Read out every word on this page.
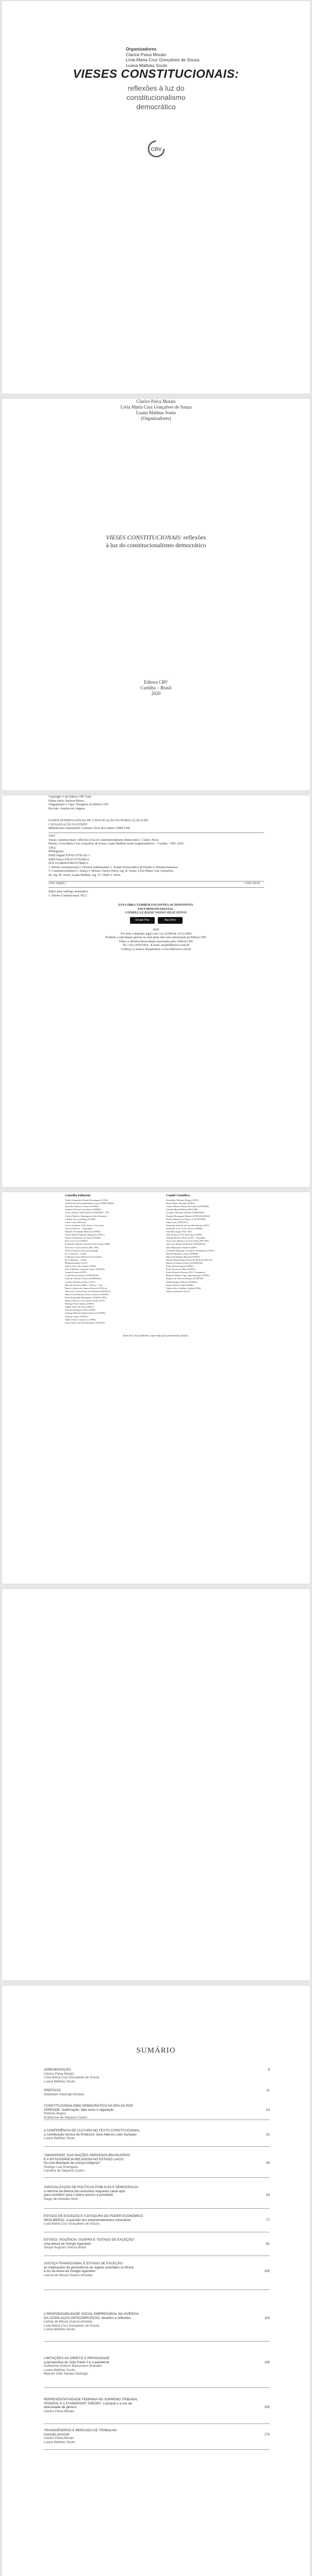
Organizadores
Clarice Paiva Morais
Lívia Maria Cruz Gonçalves de Souza
Luana Mathias Souto
VIESES CONSTITUCIONAIS:
reflexões à luz do
constitucionalismo
democrático
CRV
Clarice Paiva Morais
Lívia Maria Cruz Gonçalves de Souza
Luana Mathias Souto
(Organizadores)
VIESES CONSTITUCIONAIS: reflexões
à luz do constitucionalismo democrático
Editora CRV
Curitiba – Brasil
2020
Copyright © da Editora CRV Ltda.
Editor-chefe: Railson Moura
Diagramação e Capa: Designers da Editora CRV
Revisão: Analista de Línguas
DADOS INTERNACIONAIS DE CATALOGAÇÃO NA PUBLICAÇÃO (CIP)
CATALOGAÇÃO NA FONTE
Bibliotecária responsável: Luzenira Alves dos Santos CRB9/1506
V667
Vieses constitucionais: reflexões à luz do constitucionalismo democrático / Clarice Paiva
Morais, Lívia Maria Cruz Gonçalves de Souza, Luana Mathias Souto (organizadoras) – Curitiba : CRV, 2020.
128 p.
Bibliografia
ISBN Digital 978-65-5578-102-1
ISBN Físico 978-65-5578-082-6
DOI 10.24824/978655578082.6
1. Direito constitucional 2. Direitos fundamentais 3. Estado Democrático de Direito 4. Direitos humanos
5. Constitucionalismo 6. Justiça I. Morais, Clarice Paiva, org. II. Souza, Lívia Maria Cruz Gonçalves
de, org. III. Souto, Luana Mathias, org. IV. Título V. Série.
CDU 342(81)	CDD 342.81
Índice para catálogo sistemático
1. Direito Constitucional 342.3
ESTA OBRA TAMBÉM ENCONTRA-SE DISPONÍVEL
EM FORMATO DIGITAL.
CONHEÇA E BAIXE NOSSO APLICATIVO!
Google Play	App Store
2020
Foi feito o depósito legal conf. Lei 10.994 de 14/12/2004
Proibida a reprodução parcial ou total desta obra sem autorização da Editora CRV
Todos os direitos desta edição reservados pela: Editora CRV
Tel.: (41) 3039-6418 - E-mail: sac@editoracrv.com.br
Conheça os nossos lançamentos: www.editoracrv.com.br
Conselho Editorial:
Aldira Guimarães Duarte Domínguez (UNB)
Andréia da Silva Quintanilha Sousa (UNIR/UFRN)
Anselmo Alencar Colares (UFOPA)
Antônio Pereira Gaio Júnior (UFRRJ)
Carlos Alberto Vilar Estêvão (UMINHO – PT)
Carlos Federico Dominguez Avila (Unieuro)
Carmen Tereza Velanga (UNIR)
Celso Conti (UFSCar)
Cesar Gerônimo Tello (Univer. Nacional
Três de Febrero – Argentina)
Eduardo Fernandes Barbosa (UFMG)
Elione Maria Nogueira Diogenes (UFAL)
Elizeu Clementino de Souza (UNEB)
Élsio José Corá (UFFS)
Fernando Antônio Gonçalves Alcoforado (IPB)
Francisco Carlos Duarte (PUC-PR)
Gloria Fariñas León (Universidade
de La Havana – Cuba)
Guillermo Arias Beatón (Universidade
de La Havana – Cuba)
Helmuth Krüger (UCP)
Jailson Alves dos Santos (UFRJ)
João Adalberto Campato Junior (UNESP)
Josania Portela (UFPI)
Leonel Severo Rocha (UNISINOS)
Lídia de Oliveira Xavier (UNIEURO)
Lourdes Helena da Silva (UFV)
Marcelo Paixão (UFRJ e UTexas – US)
Maria Cristina dos Santos Bezerra (UFSCar)
Maria de Lourdes Pinto de Almeida (UNOESC)
Maria Lília Imbiriba Sousa Colares (UNOPA)
Paulo Romualdo Hernandes (UNIFAL-MG)
Renato Francisco dos Santos Paula (UFG)
Rodrigo Pratte-Santos (UFES)
Sérgio Nunes de Jesus (IFRO)
Simone Rodrigues Pinto (UNB)
Solange Helena Ximenes-Rocha (UFOPA)
Sydione Santos (UEPG)
Tadeu Oliver Gonçalves (UFPA)
Tania Suely Azevedo Brasileiro (UFOPA)
Comitê Científico:
Alexandre Walmott Borges (UFU)
Bruno Rotta Almeida (UFPel)
Carlos Alberto Simões de Tomaz (UNAERP)
Cláudia Maria Barbosa (PUCPR)
Cristiano Heineck Schmitt (UNISINOS)
Daniela Menengoti Ribeiro (UNICESUMAR)
Danilo Rinaldi dos Santos Jr. (UNIVEM)
Fábio Lins (UNIVALI)
Fernando Antônio de Carvalho Dantas (UFG)
Fernando Cesar Costa Xavier (UFRR)
Jane Berwanger (PUC-RS)
Jean-François Yves Deluchey (UFPA)
Joaquín Herrera Flores (UPO – Espanha)
José Carlos Moreira da Silva Filho (PUCRS)
José Luis Bolzan de Morais (UNISINOS)
Julia Maurmann Ximenes (IDP)
Leonardo Henrique Gonçalves de Siqueira (UFPA)
Manuel Munhoz Caleiro (FDSM)
Márcia Rodrigues Bertoldi (UFPel)
Marília Montenegro Pessoa de Mello (UNICAP)
Maurício Pedroso Flores (UNISINOS)
Patrícia Kettermann (UFPel)
Paulo Ferrareze Filho (UNISC)
Pedro Pulzatto Peruzzo (PUC-Campinas)
Raquel Fabiana Lopes Sparemberger (UFRG)
Rogério de Oliveira Borges (UNIFOR)
Sandra Regina Martini (UFRGS)
Sérgio Pastore Vidal (FURG)
Valéria Silva Galdino Cardin (UEM)
Wilson Steinmetz (UCS)
Este livro foi avaliado e aprovado por pareceristas ad hoc.
SUMÁRIO
APRESENTAÇÃO	9
Clarice Paiva Morais
Lívia Maria Cruz Gonçalves de Souza
Luana Mathias Souto
PREFÁCIO	11
Sébastien Kiwonghi Bizawu
CONSTITUCIONALISMO DEMOCRÁTICO NA ERA DA PÓS
VERDADE: reafirmação, fake news e regulação	13
Roberto Bagno
Guilherme de Siqueira Castro
A CONFERÊNCIA DE CULTURA NO TEXTO CONSTITUCIONAL:
a contribuição teórica do Professor José Adércio Leite Sampaio	31
Luana Mathias Souto
"AWAKENING" DAS NAÇÕES INDÍGENAS BRASILEIRAS
E A INTOLERÂNCIA RELIGIOSA NO ESTADO LAICO:
há uma liberdade de crença indígena?	49
Rodrigo Luis Rodrigues
Carolina de Siqueira Castro
JUDICIALIZAÇÃO DE POLÍTICAS PÚBLICAS E DEMOCRACIA:
a reforma da defesa dos excluídos enquanto canal apto
para contribuir para o pleno acesso à jurisdição	63
Diego de Almeida Silva
ESTADO DE EXCEÇÃO E A DITADURA DO PODER ECONÔMICO
NEOLIBERAL: a questão dos empreendimentos minerários	77
Lívia Maria Cruz Gonçalves de Souza
ESTADO, VIOLÊNCIA, GUERRA E "ESTADO DE EXCEÇÃO":
uma leitura de Giorgio Agamben	91
Sérgio Augusto Veloso Brasil
JUSTIÇA TRANSICIONAL E ESTADO DE EXCEÇÃO:
as implicações da persistência do regime autoritário no Brasil
à luz da teoria de Giorgio Agamben	105
Letícia de Moura Soares Almeida
A RESPONSABILIDADE SOCIAL EMPRESARIAL NA VIVÊNCIA
DA LEGISLAÇÃO ANTICORRUPÇÃO: desafios e reflexões	115
Letícia de Moura Guerra Almeida
Lívia Maria Cruz Gonçalves de Souza
Luana Mathias Souto
LIMITAÇÕES AO DIREITO À PRIVACIDADE:
a perspectiva de João Paulo II e a pandemia	139
Guilherme Antônio Balzumann Brandão
Luana Mathias Souto
Manoel João Sardao Santiago
REPRESENTATIVIDADE FEMININA NO SUPREMO TRIBUNAL
FEDERAL E A STANDPOINT THEORY: o porquê e a vez da
diversidade de gênero	159
Clarice Paiva Morais
TRANSGÊNEROS E MERCADO DE TRABALHO:
inserção possível	173
Clarice Paiva Morais
Luana Mathias Souto
